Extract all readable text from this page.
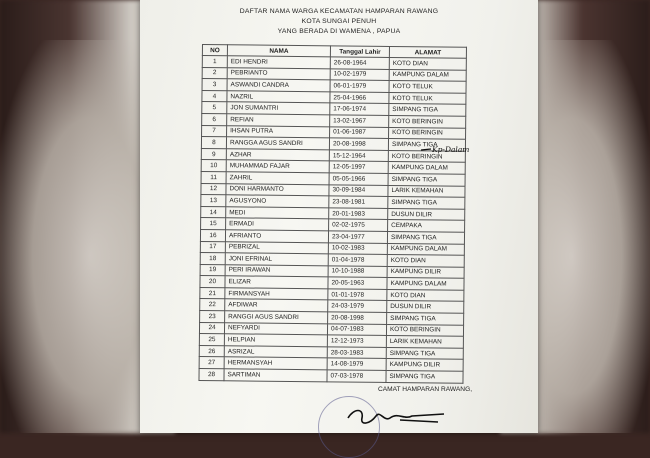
DAFTAR NAMA WARGA KECAMATAN HAMPARAN RAWANG
KOTA SUNGAI PENUH
YANG BERADA DI WAMENA , PAPUA
NO	NAMA	Tanggal Lahir	ALAMAT
1	EDI HENDRI	26-08-1964	KOTO DIAN
2	PEBRIANTO	10-02-1979	KAMPUNG DALAM
3	ASWANDI CANDRA	06-01-1979	KOTO TELUK
4	NAZRIL	25-04-1966	KOTO TELUK
5	JON SUMANTRI	17-06-1974	SIMPANG TIGA
6	REFIAN	13-02-1967	KOTO BERINGIN
7	IHSAN PUTRA	01-06-1987	KOTO BERINGIN
8	RANGGA AGUS SANDRI	20-08-1998	SIMPANG TIGA
9	AZHAR	15-12-1964	KOTO BERINGIN
10	MUHAMMAD FAJAR	12-05-1997	KAMPUNG DALAM
11	ZAHRIL	05-05-1966	SIMPANG TIGA
12	DONI HARMANTO	30-09-1984	LARIK KEMAHAN
13	AGUSYONO	23-08-1981	SIMPANG TIGA
14	MEDI	20-01-1983	DUSUN DILIR
15	ERMADI	02-02-1975	CEMPAKA
16	AFRIANTO	23-04-1977	SIMPANG TIGA
17	PEBRIZAL	10-02-1983	KAMPUNG DALAM
18	JONI EFRINAL	01-04-1978	KOTO DIAN
19	PERI IRAWAN	10-10-1988	KAMPUNG DILIR
20	ELIZAR	20-05-1963	KAMPUNG DALAM
21	FIRMANSYAH	01-01-1978	KOTO DIAN
22	AFDIWAR	24-03-1979	DUSUN DILIR
23	RANGGI AGUS SANDRI	20-08-1998	SIMPANG TIGA
24	NEFYARDI	04-07-1983	KOTO BERINGIN
25	HELPIAN	12-12-1973	LARIK KEMAHAN
26	ASRIZAL	28-03-1983	SIMPANG TIGA
27	HERMANSYAH	14-08-1979	KAMPUNG DILIR
28	SARTIMAN	07-03-1978	SIMPANG TIGA
Kp-Dalam
CAMAT HAMPARAN RAWANG,
